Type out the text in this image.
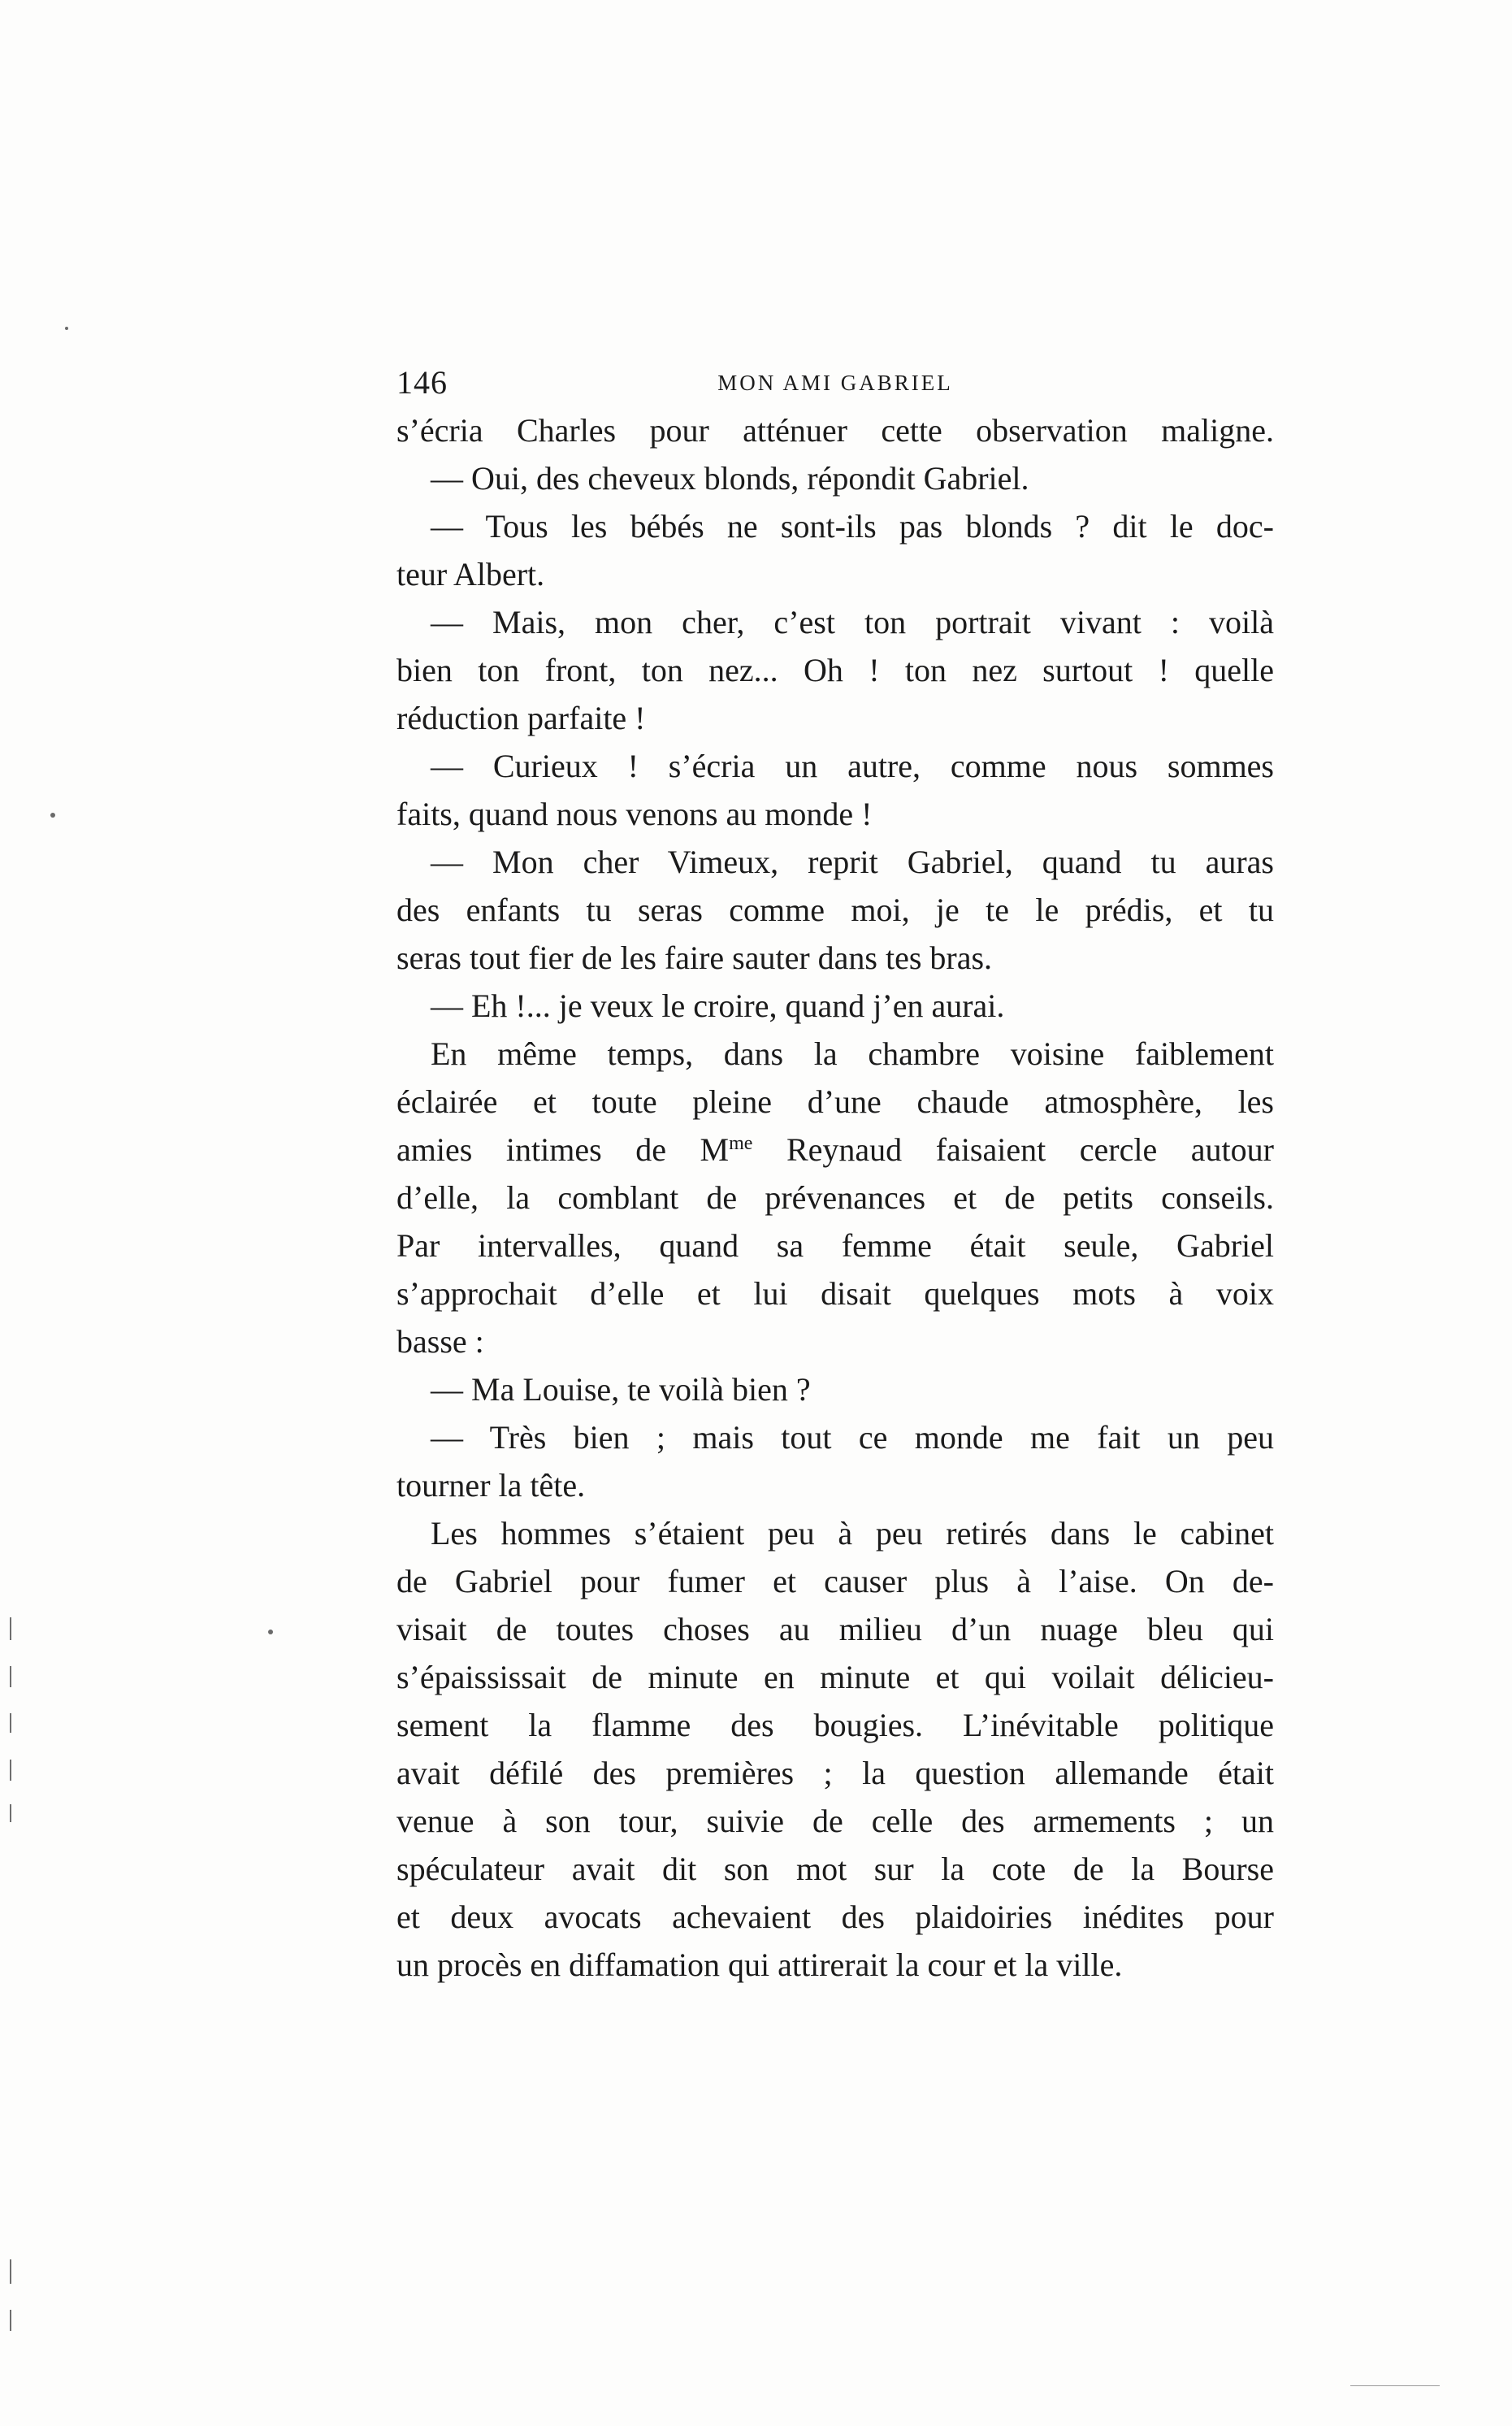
146	MON AMI GABRIEL
s’écria Charles pour atténuer cette observation maligne.
— Oui, des cheveux blonds, répondit Gabriel.
— Tous les bébés ne sont-ils pas blonds ? dit le doc-
teur Albert.
— Mais, mon cher, c’est ton portrait vivant : voilà
bien ton front, ton nez... Oh ! ton nez surtout ! quelle
réduction parfaite !
— Curieux ! s’écria un autre, comme nous sommes
faits, quand nous venons au monde !
— Mon cher Vimeux, reprit Gabriel, quand tu auras
des enfants tu seras comme moi, je te le prédis, et tu
seras tout fier de les faire sauter dans tes bras.
— Eh !... je veux le croire, quand j’en aurai.
En même temps, dans la chambre voisine faiblement
éclairée et toute pleine d’une chaude atmosphère, les
amies intimes de $M^{me}$ Reynaud faisaient cercle autour
d’elle, la comblant de prévenances et de petits conseils.
Par intervalles, quand sa femme était seule, Gabriel
s’approchait d’elle et lui disait quelques mots à voix
basse :
— Ma Louise, te voilà bien ?
— Très bien ; mais tout ce monde me fait un peu
tourner la tête.
Les hommes s’étaient peu à peu retirés dans le cabinet
de Gabriel pour fumer et causer plus à l’aise. On de-
visait de toutes choses au milieu d’un nuage bleu qui
s’épaississait de minute en minute et qui voilait délicieu-
sement la flamme des bougies. L’inévitable politique
avait défilé des premières ; la question allemande était
venue à son tour, suivie de celle des armements ; un
spéculateur avait dit son mot sur la cote de la Bourse
et deux avocats achevaient des plaidoiries inédites pour
un procès en diffamation qui attirerait la cour et la ville.
